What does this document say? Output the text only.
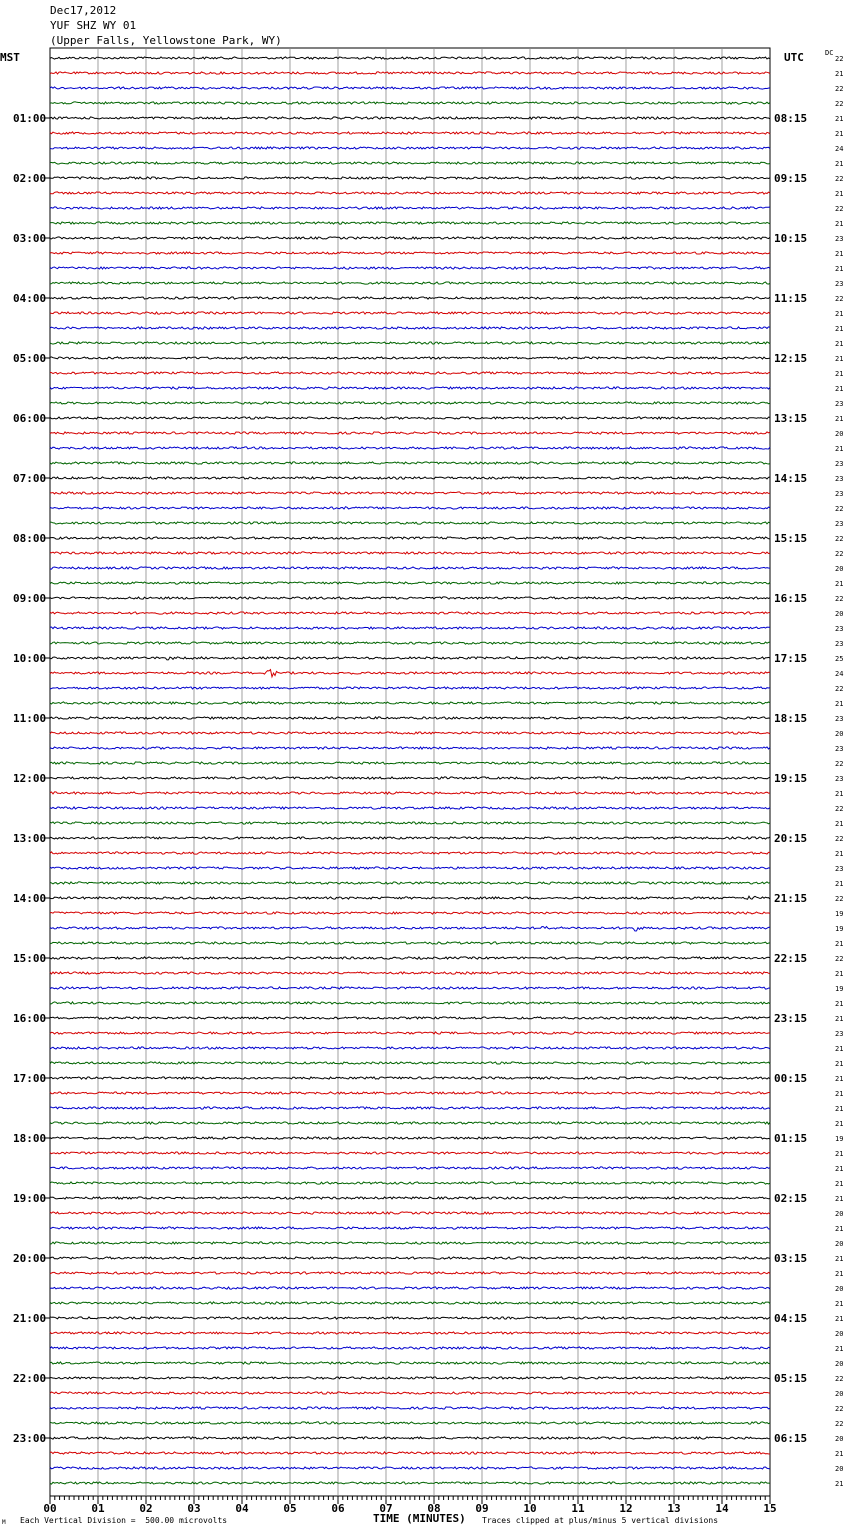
Dec17,2012
YUF SHZ WY 01
(Upper Falls, Yellowstone Park, WY)
MST	UTC
01:00
02:00
03:00
04:00
05:00
06:00
07:00
08:00
09:00
10:00
11:00
12:00
13:00
14:00
15:00
16:00
17:00
18:00
19:00
20:00
21:00
22:00
23:00
08:15
09:15
10:15
11:15
12:15
13:15
14:15
15:15
16:15
17:15
18:15
19:15
20:15
21:15
22:15
23:15
00:15
01:15
02:15
03:15
04:15
05:15
06:15
DC
22
21
22
22
21
21
24
21
22
21
22
21
23
21
21
23
22
21
21
21
21
21
21
23
21
20
21
23
23
23
22
23
22
22
20
21
22
20
23
23
25
24
22
21
23
20
23
22
23
21
22
21
22
21
23
21
22
19
19
21
22
21
19
21
21
23
21
21
21
21
21
21
19
21
21
21
21
20
21
20
21
21
20
21
21
20
21
20
22
20
22
22
20
21
20
21
00	01	02	03	04	05	06	07	08	09	10	11	12	13	14	15
TIME (MINUTES)
Each Vertical Division =  500.00 microvolts	Traces clipped at plus/minus 5 vertical divisions
M
